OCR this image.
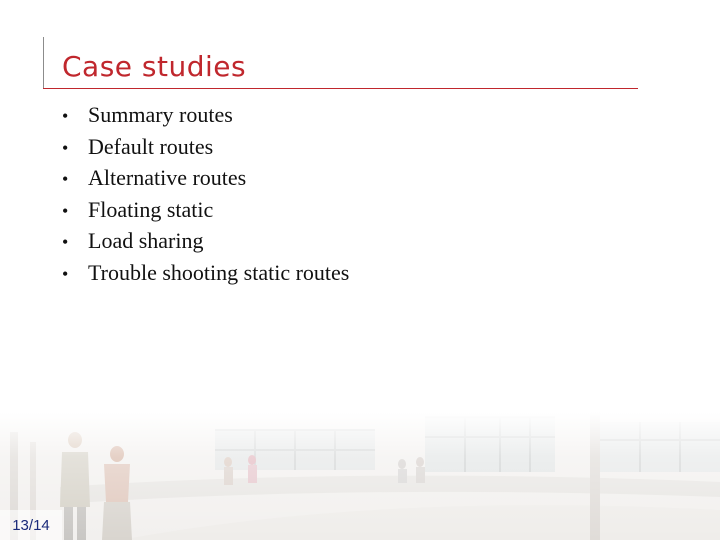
Case studies
• Summary routes
• Default routes
• Alternative routes
• Floating static
• Load sharing
• Trouble shooting static routes
13/14
